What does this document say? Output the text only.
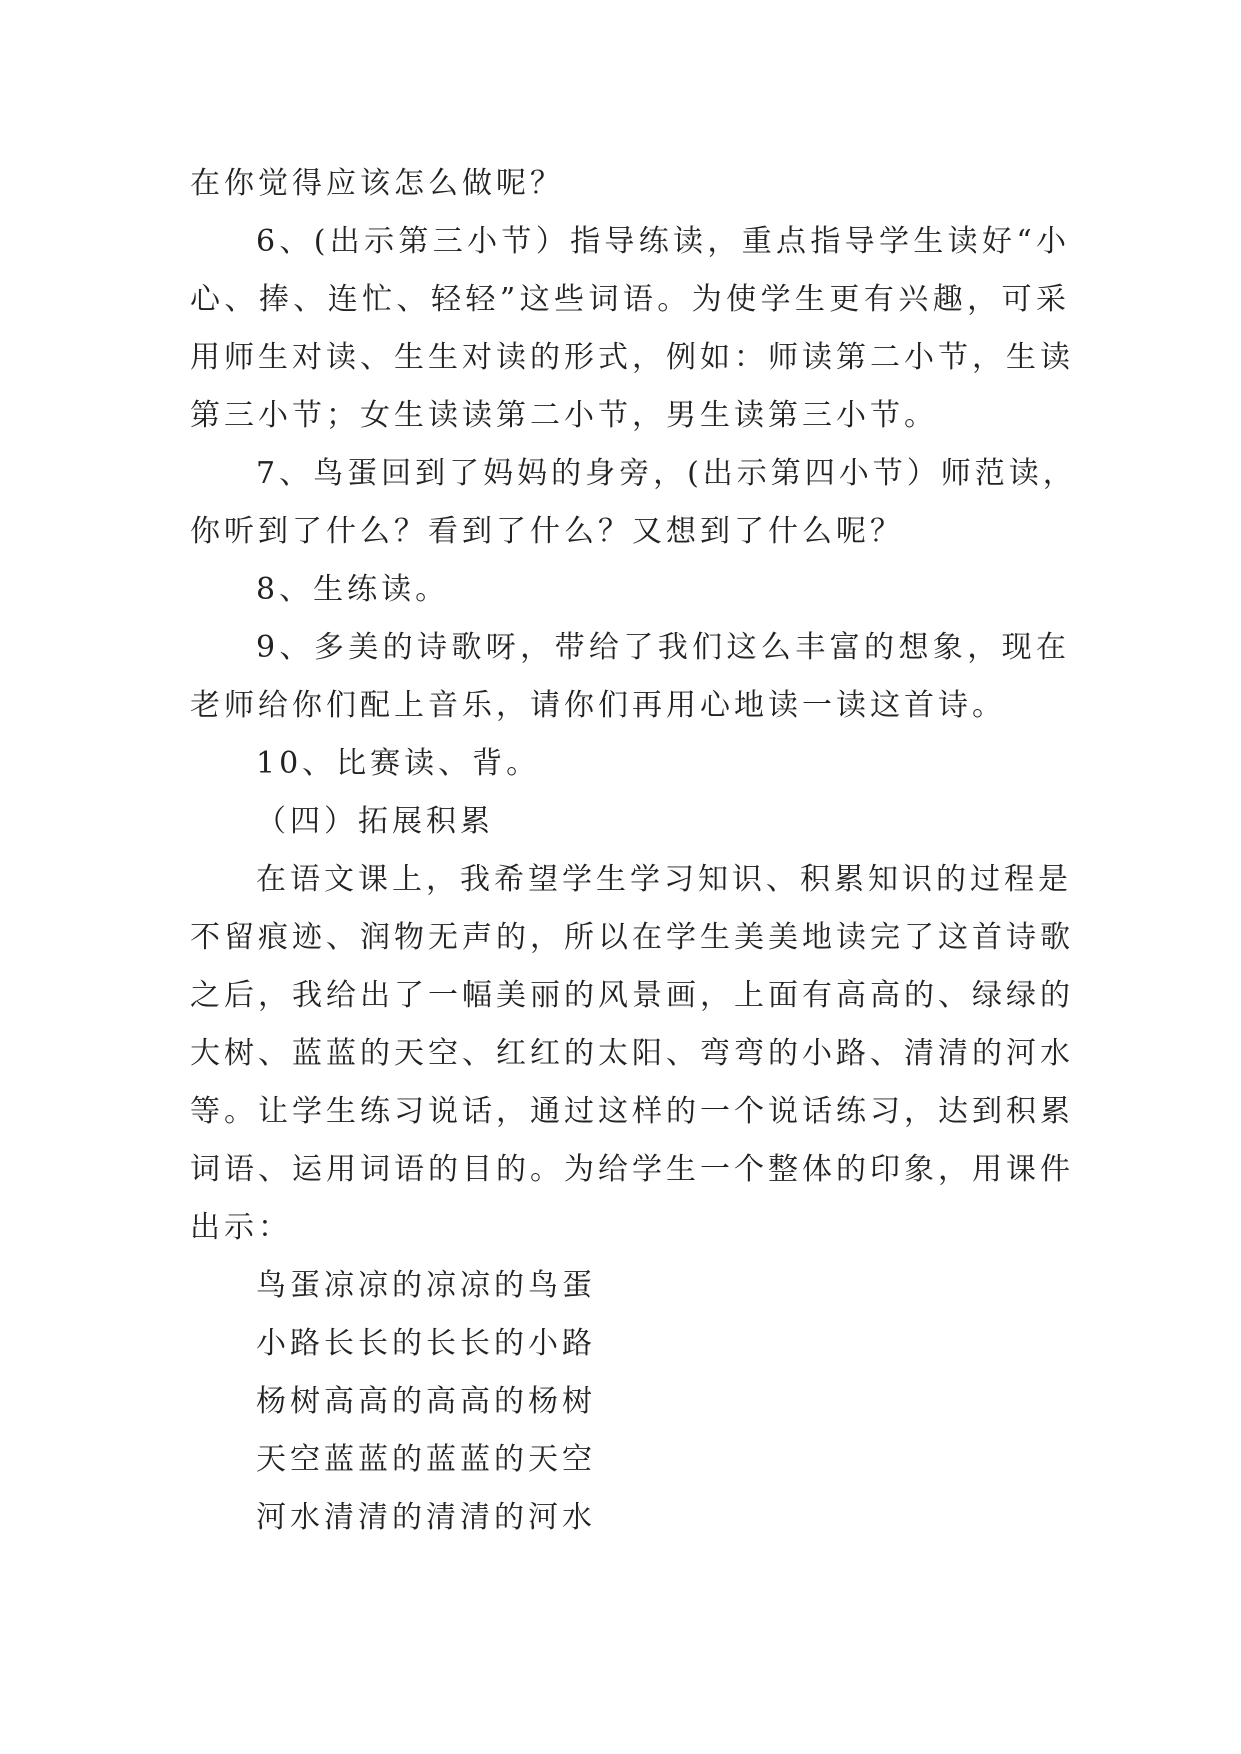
在你觉得应该怎么做呢？
6、(出示第三小节）指导练读，重点指导学生读好“小
心、捧、连忙、轻轻”这些词语。为使学生更有兴趣，可采
用师生对读、生生对读的形式，例如：师读第二小节，生读
第三小节；女生读读第二小节，男生读第三小节。
7、鸟蛋回到了妈妈的身旁，(出示第四小节）师范读，
你听到了什么？看到了什么？又想到了什么呢？
8、生练读。
9、多美的诗歌呀，带给了我们这么丰富的想象，现在
老师给你们配上音乐，请你们再用心地读一读这首诗。
10、比赛读、背。
（四）拓展积累
在语文课上，我希望学生学习知识、积累知识的过程是
不留痕迹、润物无声的，所以在学生美美地读完了这首诗歌
之后，我给出了一幅美丽的风景画，上面有高高的、绿绿的
大树、蓝蓝的天空、红红的太阳、弯弯的小路、清清的河水
等。让学生练习说话，通过这样的一个说话练习，达到积累
词语、运用词语的目的。为给学生一个整体的印象，用课件
出示：
鸟蛋凉凉的凉凉的鸟蛋
小路长长的长长的小路
杨树高高的高高的杨树
天空蓝蓝的蓝蓝的天空
河水清清的清清的河水
